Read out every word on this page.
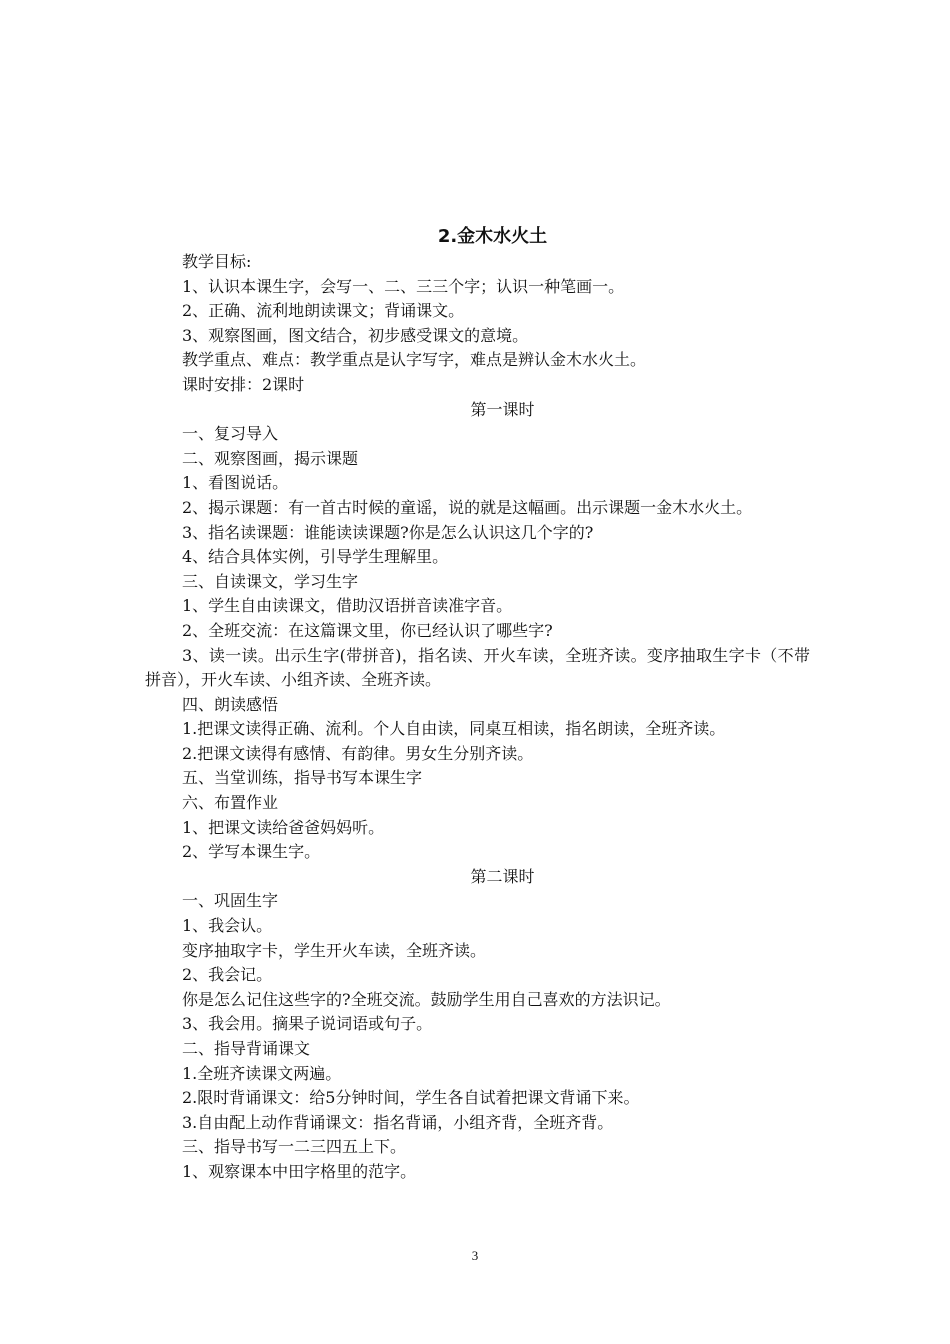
2.金木水火土

教学目标:

1、认识本课生字，会写一、二、三三个字；认识一种笔画一。

2、正确、流利地朗读课文；背诵课文。

3、观察图画，图文结合，初步感受课文的意境。

教学重点、难点：教学重点是认字写字，难点是辨认金木水火土。

课时安排：2课时

第一课时

一、复习导入

二、观察图画，揭示课题

1、看图说话。

2、揭示课题：有一首古时候的童谣，说的就是这幅画。出示课题一金木水火土。

3、指名读课题：谁能读读课题?你是怎么认识这几个字的?

4、结合具体实例，引导学生理解里。

三、自读课文，学习生字

1、学生自由读课文，借助汉语拼音读准字音。

2、全班交流：在这篇课文里，你已经认识了哪些字?

3、读一读。出示生字(带拼音)，指名读、开火车读，全班齐读。变序抽取生字卡（不带拼音），开火车读、小组齐读、全班齐读。

四、朗读感悟

1.把课文读得正确、流利。个人自由读，同桌互相读，指名朗读，全班齐读。

2.把课文读得有感情、有韵律。男女生分别齐读。

五、当堂训练，指导书写本课生字

六、布置作业

1、把课文读给爸爸妈妈听。

2、学写本课生字。

第二课时

一、巩固生字

1、我会认。

变序抽取字卡，学生开火车读，全班齐读。

2、我会记。

你是怎么记住这些字的?全班交流。鼓励学生用自己喜欢的方法识记。

3、我会用。摘果子说词语或句子。

二、指导背诵课文

1.全班齐读课文两遍。

2.限时背诵课文：给5分钟时间，学生各自试着把课文背诵下来。

3.自由配上动作背诵课文：指名背诵，小组齐背，全班齐背。

三、指导书写一二三四五上下。

1、观察课本中田字格里的范字。

3
